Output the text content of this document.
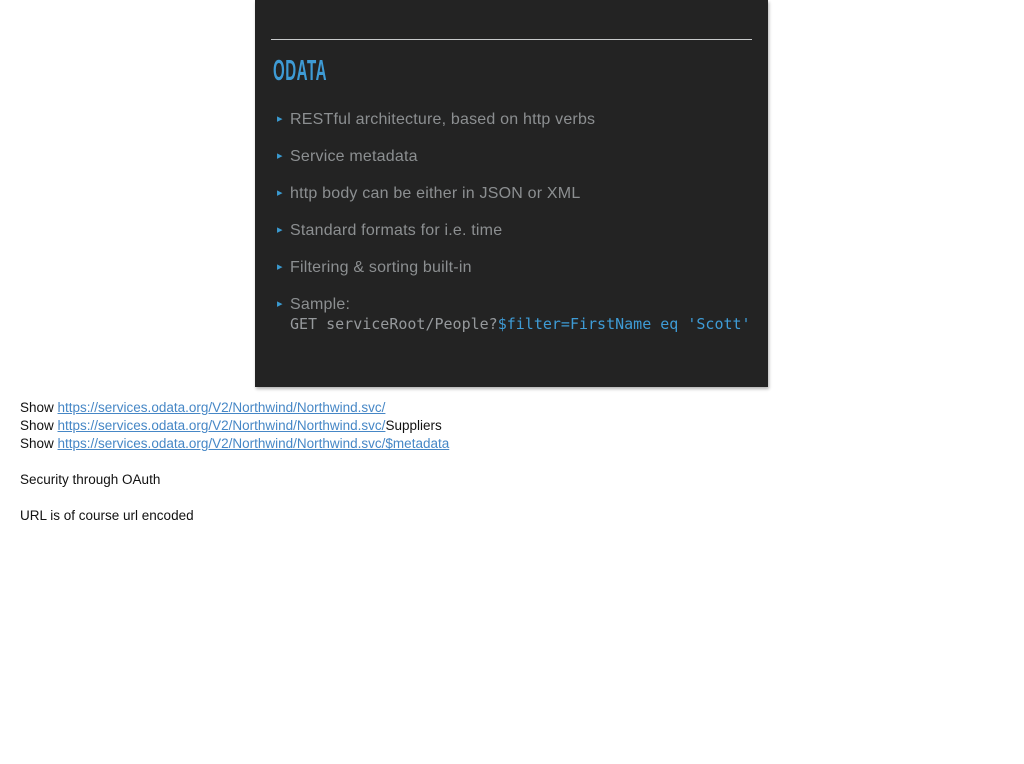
ODATA
▸ RESTful architecture, based on http verbs
▸ Service metadata
▸ http body can be either in JSON or XML
▸ Standard formats for i.e. time
▸ Filtering & sorting built-in
▸ Sample:
GET serviceRoot/People?$filter=FirstName eq 'Scott'
Show https://services.odata.org/V2/Northwind/Northwind.svc/
Show https://services.odata.org/V2/Northwind/Northwind.svc/Suppliers
Show https://services.odata.org/V2/Northwind/Northwind.svc/$metadata

Security through OAuth

URL is of course url encoded
